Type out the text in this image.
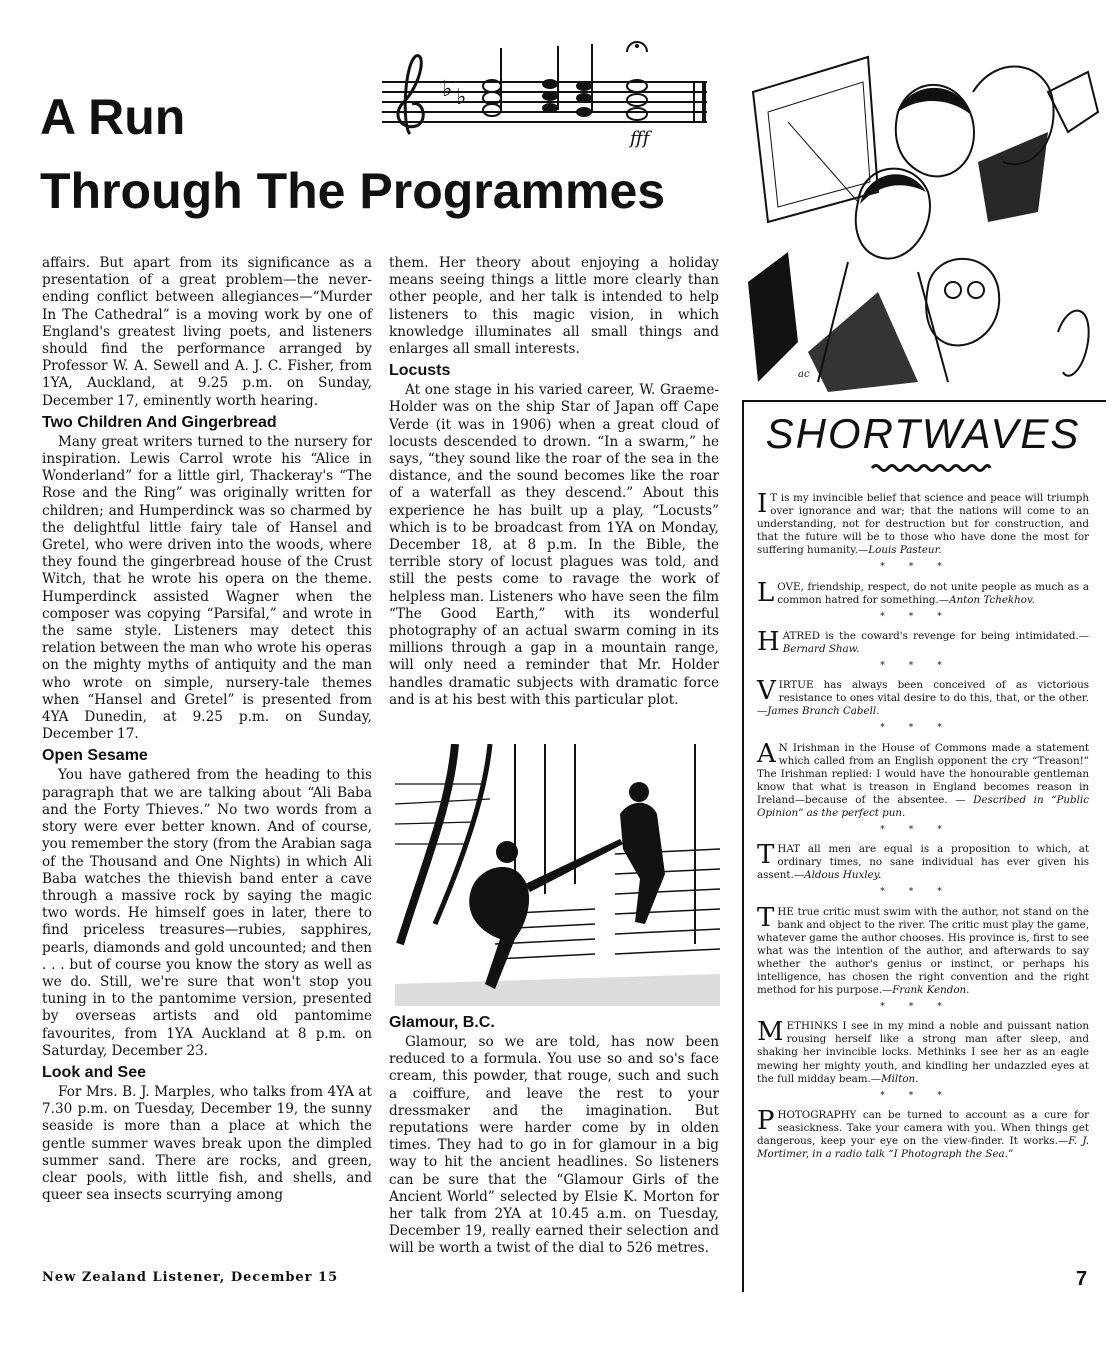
A Run
Through The Programmes
♭ ♭
fff
ac

affairs. But apart from its significance as a presentation of a great problem—the never-ending conflict between allegiances—“Murder In The Cathedral” is a moving work by one of England's greatest living poets, and listeners should find the performance arranged by Professor W. A. Sewell and A. J. C. Fisher, from 1YA, Auckland, at 9.25 p.m. on Sunday, December 17, eminently worth hearing.

Two Children And Gingerbread

Many great writers turned to the nursery for inspiration. Lewis Carrol wrote his “Alice in Wonderland” for a little girl, Thackeray's “The Rose and the Ring” was originally written for children; and Humperdinck was so charmed by the delightful little fairy tale of Hansel and Gretel, who were driven into the woods, where they found the gingerbread house of the Crust Witch, that he wrote his opera on the theme. Humperdinck assisted Wagner when the composer was copying “Parsifal,” and wrote in the same style. Listeners may detect this relation between the man who wrote his operas on the mighty myths of antiquity and the man who wrote on simple, nursery-tale themes when “Hansel and Gretel” is presented from 4YA Dunedin, at 9.25 p.m. on Sunday, December 17.

Open Sesame

You have gathered from the heading to this paragraph that we are talking about “Ali Baba and the Forty Thieves.” No two words from a story were ever better known. And of course, you remember the story (from the Arabian saga of the Thousand and One Nights) in which Ali Baba watches the thievish band enter a cave through a massive rock by saying the magic two words. He himself goes in later, there to find priceless treasures—rubies, sapphires, pearls, diamonds and gold uncounted; and then . . . but of course you know the story as well as we do. Still, we're sure that won't stop you tuning in to the pantomime version, presented by overseas artists and old pantomime favourites, from 1YA Auckland at 8 p.m. on Saturday, December 23.

Look and See

For Mrs. B. J. Marples, who talks from 4YA at 7.30 p.m. on Tuesday, December 19, the sunny seaside is more than a place at which the gentle summer waves break upon the dimpled summer sand. There are rocks, and green, clear pools, with little fish, and shells, and queer sea insects scurrying among

them. Her theory about enjoying a holiday means seeing things a little more clearly than other people, and her talk is intended to help listeners to this magic vision, in which knowledge illuminates all small things and enlarges all small interests.

Locusts

At one stage in his varied career, W. Graeme-Holder was on the ship Star of Japan off Cape Verde (it was in 1906) when a great cloud of locusts descended to drown. “In a swarm,” he says, “they sound like the roar of the sea in the distance, and the sound becomes like the roar of a waterfall as they descend.” About this experience he has built up a play, “Locusts” which is to be broadcast from 1YA on Monday, December 18, at 8 p.m. In the Bible, the terrible story of locust plagues was told, and still the pests come to ravage the work of helpless man. Listeners who have seen the film “The Good Earth,” with its wonderful photography of an actual swarm coming in its millions through a gap in a mountain range, will only need a reminder that Mr. Holder handles dramatic subjects with dramatic force and is at his best with this particular plot.

Glamour, B.C.

Glamour, so we are told, has now been reduced to a formula. You use so and so's face cream, this powder, that rouge, such and such a coiffure, and leave the rest to your dressmaker and the imagination. But reputations were harder come by in olden times. They had to go in for glamour in a big way to hit the ancient headlines. So listeners can be sure that the “Glamour Girls of the Ancient World” selected by Elsie K. Morton for her talk from 2YA at 10.45 a.m. on Tuesday, December 19, really earned their selection and will be worth a twist of the dial to 526 metres.

SHORTWAVES

I T is my invincible belief that science and peace will triumph over ignorance and war; that the nations will come to an understanding, not for destruction but for construction, and that the future will be to those who have done the most for suffering humanity.—Louis Pasteur.

***

LOVE, friendship, respect, do not unite people as much as a common hatred for something.—Anton Tchekhov.

***

HATRED is the coward's revenge for being intimidated.—Bernard Shaw.

***

VIRTUE has always been conceived of as victorious resistance to ones vital desire to do this, that, or the other.—James Branch Cabell.

***

A N Irishman in the House of Commons made a statement which called from an English opponent the cry “Treason!” The Irishman replied: I would have the honourable gentleman know that what is treason in England becomes reason in Ireland—because of the absentee. — Described in “Public Opinion” as the perfect pun.

***

THAT all men are equal is a proposition to which, at ordinary times, no sane individual has ever given his assent.—Aldous Huxley.

***

THE true critic must swim with the author, not stand on the bank and object to the river. The critic must play the game, whatever game the author chooses. His province is, first to see what was the intention of the author, and afterwards to say whether the author's genius or instinct, or perhaps his intelligence, has chosen the right convention and the right method for his purpose.—Frank Kendon.

***

METHINKS I see in my mind a noble and puissant nation rousing herself like a strong man after sleep, and shaking her invincible locks. Methinks I see her as an eagle mewing her mighty youth, and kindling her undazzled eyes at the full midday beam.—Milton.

***

PHOTOGRAPHY can be turned to account as a cure for seasickness. Take your camera with you. When things get dangerous, keep your eye on the view-finder. It works.—F. J. Mortimer, in a radio talk “I Photograph the Sea.”

New Zealand Listener, December 15	7
